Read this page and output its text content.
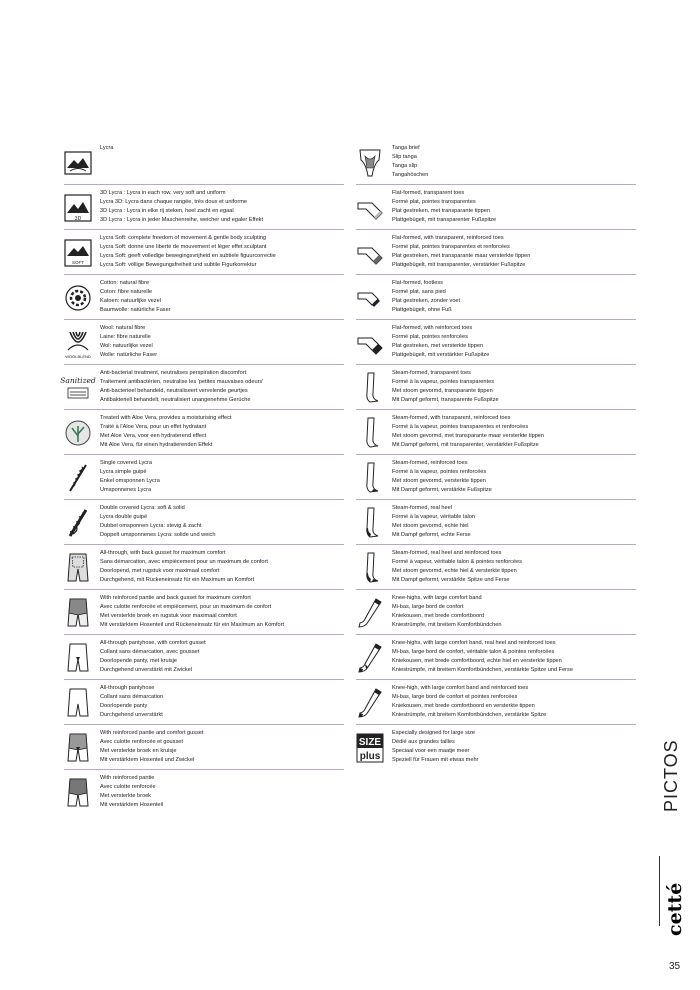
Lycra
3D
3D Lycra : Lycra in each row, very soft and uniform
Lycra 3D: Lycra dans chaque rangée, très doux et uniforme
3D Lycra : Lycra in elke rij steken, heel zacht en egaal
3D Lycra : Lycra in jeder Maschenreihe, weicher und egaler Effekt
SOFT
Lycra Soft: complete freedom of movement & gentle body sculpting
Lycra Soft: donne une liberté de mouvement et léger effet sculptant
Lycra Soft: geeft volledige bewegingsvrijheid en subtiele figuurcorrectie
Lycra Soft: völlige Bewegungsfreiheit und subtile Figurkorrektur
Cotton: natural fibre
Coton: fibre naturelle
Katoen: natuurlijke vezel
Baumwolle: natürliche Faser
WOOLBLEND
Wool: natural fibre
Laine: fibre naturelle
Wol: natuurlijke vezel
Wolle: natürliche Faser
Sanitized
Anti-bacterial treatment, neutralises perspiration discomfort
Traitement antibactérien, neutralise les 'petites mauvaises odeurs'
Anti-bacterieel behandeld, neutraliseert vervelende geurtjes
Antibakteriell behandelt, neutralisiert unangenehme Gerüche
Treated with Aloe Vera, provides a moisturising effect
Traité à l'Aloe Vera, pour un effet hydratant
Met Aloe Vera, voor een hydraterend effect
Mit Aloe Vera, für einen hydratierenden Effekt
Single covered Lycra
Lycra simple guipé
Enkel omsponnen Lycra
Umsponnenes Lycra
Double covered Lycra: soft & solid
Lycra double guipé
Dubbel omsponnen Lycra: stevig & zacht
Doppelt umsponnenes Lycra: solide und weich
All-through, with back gusset for maximum comfort
Sans démarcation, avec empiècement pour un maximum de confort
Doorlopend, met rugstuk voor maximaal comfort
Durchgehend, mit Rückeneinsatz für ein Maximum an Komfort
With reinforced pantie and back gusset for maximum comfort
Avec culotte renforcée et empiècement, pour un maximum de confort
Met versterkte broek en rugstuk voor maximaal comfort
Mit verstärktem Hosenteil und Rückeneinsatz für ein Maximum an Komfort
All-through pantyhose, with comfort gusset
Collant sans démarcation, avec gousset
Doorlopende panty, met kruisje
Durchgehend unverstärkt mit Zwickel
All-through pantyhose
Collant sans démarcation
Doorlopende panty
Durchgehend unverstärkt
With reinforced pantie and comfort gusset
Avec culotte renforcée et gousset
Met versterkte broek en kruisje
Mit verstärktem Hosenteil und Zwickel
With reinforced pantie
Avec culotte renforcée
Met versterkte broek
Mit verstärktem Hosenteil
Tanga brief
Slip tanga
Tanga slip
Tangahöschen
Flat-formed, transparent toes
Formé plat, pointes transparentes
Plat gestreken, met transparante tippen
Plattgebügelt, mit transparenter Fußspitze
Flat-formed, with transparent, reinforced toes
Formé plat, pointes transparentes et renforcées
Plat gestreken, met transparante maar versterkte tippen
Plattgebügelt, mit transparenter, verstärkter Fußspitze
Flat-formed, footless
Formé plat, sans pied
Plat gestreken, zonder voet
Plattgebügelt, ohne Fuß
Flat-formed, with reinforced toes
Formé plat, pointes renforcées
Plat gestreken, met versterkte tippen
Plattgebügelt, mit verstärkter Fußspitze
Steam-formed, transparent toes
Formé à la vapeur, pointes transparentes
Met stoom gevormd, transparante tippen
Mit Dampf geformt, transparente Fußspitze
Steam-formed, with transparent, reinforced toes
Formé à la vapeur, pointes transparentes et renforcées
Met stoom gevormd, met transparante maar versterkte tippen
Mit Dampf geformt, mit transparenter, verstärkter Fußspitze
Steam-formed, reinforced toes
Formé à la vapeur, pointes renforcées
Met stoom gevormd, versterkte tippen
Mit Dampf geformt, verstärkte Fußspitze
Steam-formed, real heel
Formé à la vapeur, véritable talon
Met stoom gevormd, echte hiel
Mit Dampf geformt, echte Ferse
Steam-formed, real heel and reinforced toes
Formé à vapeur, véritable talon & pointes renforcées
Met stoom gevormd, echte hiel & versterkte tippen
Mit Dampf geformt, verstärkte Spitze und Ferse
Knee-highs, with large comfort band
Mi-bas, large bord de confort
Kniekousen, met brede comfortboord
Kniestrümpfe, mit breitem Komfortbündchen
Knee-highs, with large comfort band, real heel and reinforced toes
Mi-bas, large bord de confort, véritable talon & pointes renforcées
Kniekousen, met brede comfortboord, echte hiel en versterkte tippen
Kniestrümpfe, mit breitem Komfortbündchen, verstärkte Spitze und Ferse
Knee-high, with large comfort band and reinforced toes
Mi-bas, large bord de confort et pointes renforcées
Kniekousen, met brede comfortboord en versterkte tippen
Kniestrümpfe, mit breitem Komfortbündchen, verstärkte Spitze
SIZE
plus
Especially designed for large size
Dédié aux grandes tailles
Speciaal voor een maatje meer
Speziell für Frauen mit etwas mehr	PICTOS
cetté
35
